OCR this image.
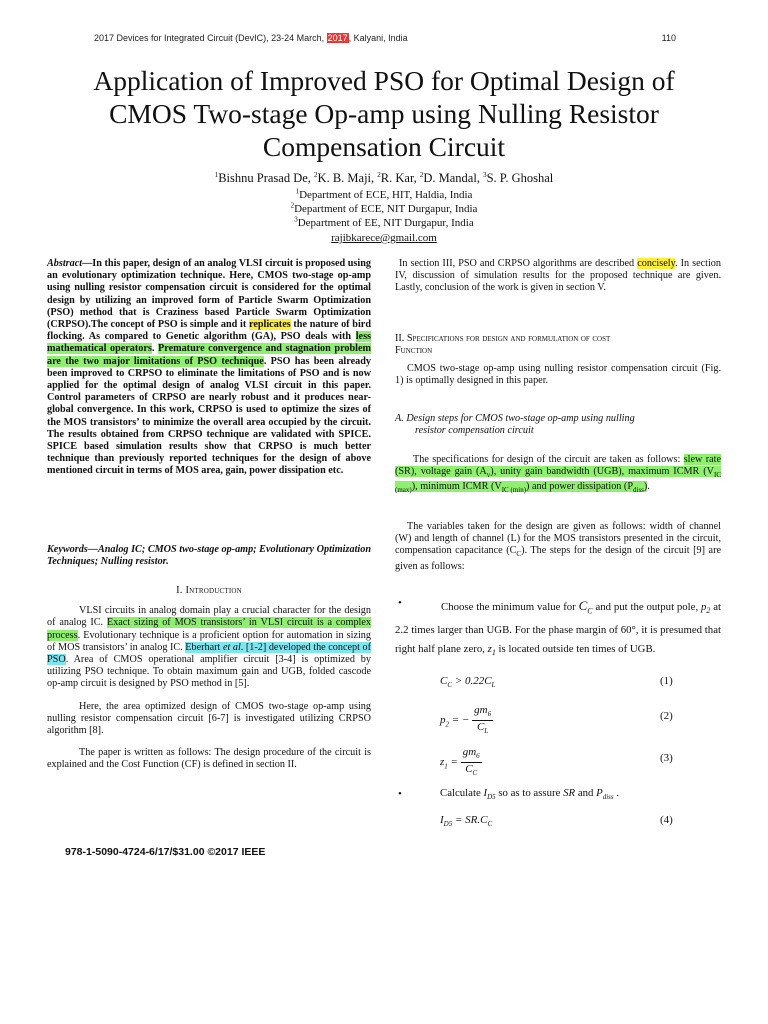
2017 Devices for Integrated Circuit (DevIC), 23-24 March, 2017, Kalyani, India	110
Application of Improved PSO for Optimal Design of
CMOS Two-stage Op-amp using Nulling Resistor
Compensation Circuit
$^1$Bishnu Prasad De, $^2$K. B. Maji, $^2$R. Kar, $^2$D. Mandal, $^3$S. P. Ghoshal
$^1$Department of ECE, HIT, Haldia, India
$^2$Department of ECE, NIT Durgapur, India
$^3$Department of EE, NIT Durgapur, India
rajibkarece@gmail.com
Abstract—In this paper, design of an analog VLSI circuit is proposed using an evolutionary optimization technique. Here, CMOS two-stage op-amp using nulling resistor compensation circuit is considered for the optimal design by utilizing an improved form of Particle Swarm Optimization (PSO) method that is Craziness based Particle Swarm Optimization (CRPSO).The concept of PSO is simple and it replicates the nature of bird flocking. As compared to Genetic algorithm (GA), PSO deals with less mathematical operators. Premature convergence and stagnation problem are the two major limitations of PSO technique. PSO has been already been improved to CRPSO to eliminate the limitations of PSO and is now applied for the optimal design of analog VLSI circuit in this paper. Control parameters of CRPSO are nearly robust and it produces near-global convergence. In this work, CRPSO is used to optimize the sizes of the MOS transistors’ to minimize the overall area occupied by the circuit. The results obtained from CRPSO technique are validated with SPICE. SPICE based simulation results show that CRPSO is much better technique than previously reported techniques for the design of above mentioned circuit in terms of MOS area, gain, power dissipation etc.
Keywords—Analog IC; CMOS two-stage op-amp; Evolutionary Optimization Techniques; Nulling resistor.
I. Introduction

VLSI circuits in analog domain play a crucial character for the design of analog IC. Exact sizing of MOS transistors’ in VLSI circuit is a complex process. Evolutionary technique is a proficient option for automation in sizing of MOS transistors’ in analog IC. Eberhart et al. [1-2] developed the concept of PSO. Area of CMOS operational amplifier circuit [3-4] is optimized by utilizing PSO technique. To obtain maximum gain and UGB, folded cascode op-amp circuit is designed by PSO method in [5].

Here, the area optimized design of CMOS two-stage op-amp using nulling resistor compensation circuit [6-7] is investigated utilizing CRPSO algorithm [8].

The paper is written as follows: The design procedure of the circuit is explained and the Cost Function (CF) is defined in section II.

In section III, PSO and CRPSO algorithms are described concisely. In section IV, discussion of simulation results for the proposed technique are given. Lastly, conclusion of the work is given in section V.

II. Specifications for design and formulation of cost
Function

CMOS two-stage op-amp using nulling resistor compensation circuit (Fig. 1) is optimally designed in this paper.

A. Design steps for CMOS two-stage op-amp using nulling
resistor compensation circuit

The specifications for design of the circuit are taken as follows: slew rate (SR), voltage gain $(A_v)$, unity gain bandwidth (UGB), maximum ICMR $(V_{IC (max)})$, minimum ICMR $(V_{IC (min)})$ and power dissipation $(P_{diss})$.

The variables taken for the design are given as follows: width of channel (W) and length of channel (L) for the MOS transistors presented in the circuit, compensation capacitance $(C_C)$. The steps for the design of the circuit [9] are given as follows:

•	Choose the minimum value for $C_C$ and put the output pole, $p_2$ at 2.2 times larger than UGB. For the phase margin of 60°, it is presumed that right half plane zero, $z_1$ is located outside ten times of UGB.

$C_C > 0.22C_L$	(1)
$p_2$ = − $\frac{gm_6}{C_L}$	(2)
$z_1 = \frac{gm_6}{C_C}$	(3)
•	Calculate $I_{D5}$ so as to assure SR and $P_{diss}$ .
$I_{D5} = SR.C_C$	(4)
978-1-5090-4724-6/17/$31.00 ©2017 IEEE
